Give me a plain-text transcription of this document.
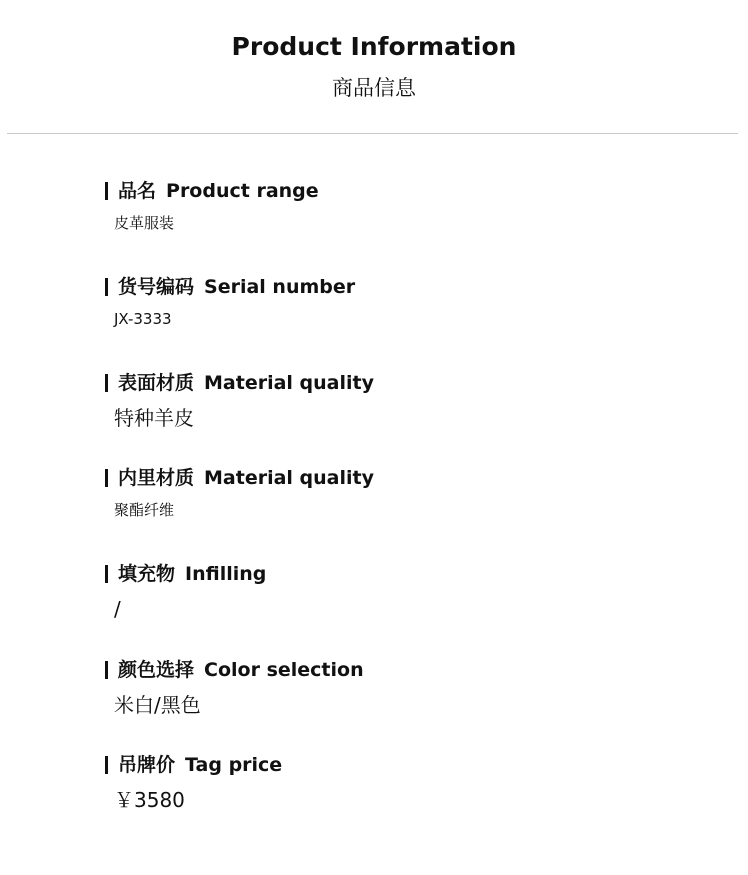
Product Information
商品信息
品名 Product range
皮革服装
货号编码 Serial number
JX-3333
表面材质 Material quality
特种羊皮
内里材质 Material quality
聚酯纤维
填充物 Infilling
/
颜色选择 Color selection
米白/黑色
吊牌价 Tag price
￥3580
